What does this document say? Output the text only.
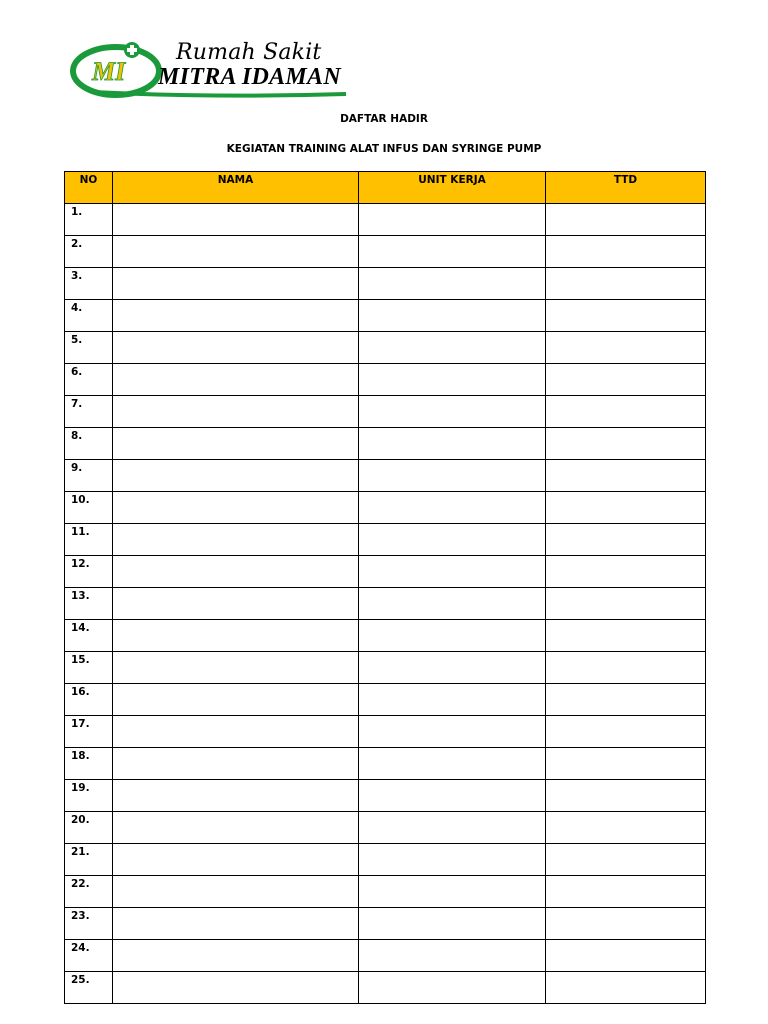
MI
Rumah Sakit
MITRA IDAMAN
DAFTAR HADIR
KEGIATAN TRAINING ALAT INFUS DAN SYRINGE PUMP
NO	NAMA	UNIT KERJA	TTD
1.			
2.			
3.			
4.			
5.			
6.			
7.			
8.			
9.			
10.			
11.			
12.			
13.			
14.			
15.			
16.			
17.			
18.			
19.			
20.			
21.			
22.			
23.			
24.			
25.			
